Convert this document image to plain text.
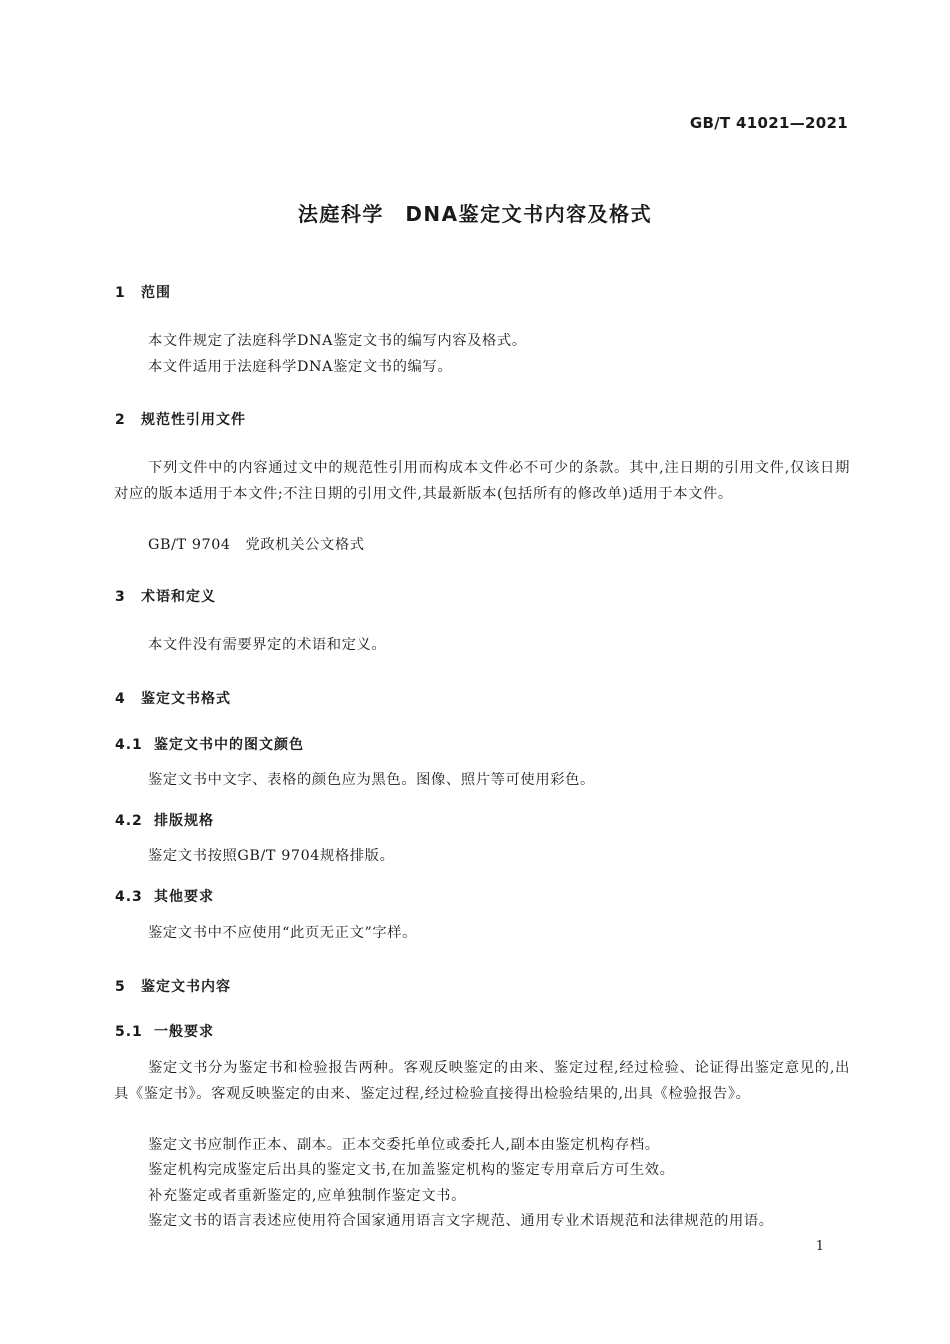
GB/T 41021—2021
法庭科学　DNA鉴定文书内容及格式
1 范围
本文件规定了法庭科学DNA鉴定文书的编写内容及格式。
本文件适用于法庭科学DNA鉴定文书的编写。
2 规范性引用文件
下列文件中的内容通过文中的规范性引用而构成本文件必不可少的条款。其中,注日期的引用文件,仅该日期对应的版本适用于本文件;不注日期的引用文件,其最新版本(包括所有的修改单)适用于本文件。
GB/T 9704　党政机关公文格式
3 术语和定义
本文件没有需要界定的术语和定义。
4 鉴定文书格式
4.1 鉴定文书中的图文颜色
鉴定文书中文字、表格的颜色应为黑色。图像、照片等可使用彩色。
4.2 排版规格
鉴定文书按照GB/T 9704规格排版。
4.3 其他要求
鉴定文书中不应使用“此页无正文”字样。
5 鉴定文书内容
5.1 一般要求
鉴定文书分为鉴定书和检验报告两种。客观反映鉴定的由来、鉴定过程,经过检验、论证得出鉴定意见的,出具《鉴定书》。客观反映鉴定的由来、鉴定过程,经过检验直接得出检验结果的,出具《检验报告》。
鉴定文书应制作正本、副本。正本交委托单位或委托人,副本由鉴定机构存档。
鉴定机构完成鉴定后出具的鉴定文书,在加盖鉴定机构的鉴定专用章后方可生效。
补充鉴定或者重新鉴定的,应单独制作鉴定文书。
鉴定文书的语言表述应使用符合国家通用语言文字规范、通用专业术语规范和法律规范的用语。
1
